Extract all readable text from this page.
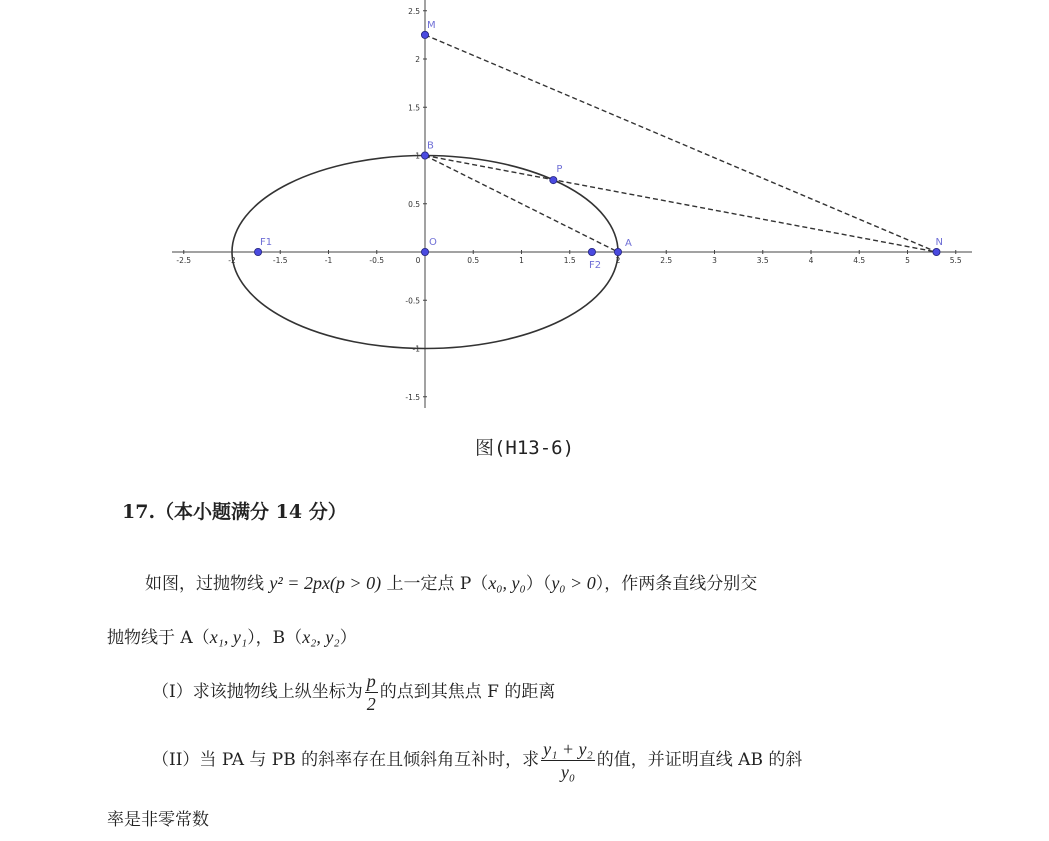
-2.5	-2	-1.5	-1	-0.5	0	0.5	1	1.5	2	2.5	3	3.5	4	4.5	5	5.5
2.5
2
1.5
1
0.5
-0.5
-1
-1.5
M
B
P
F1	O
F2
A	N
图(H13-6)
17.（本小题满分 14 分）
如图，过抛物线 y² = 2px(p > 0) 上一定点 P（x₀, y₀）（y₀ > 0），作两条直线分别交
抛物线于 A（x₁, y₁），B（x₂, y₂）
（I）求该抛物线上纵坐标为 $\frac{p}{2}$ 的点到其焦点 F 的距离
（II）当 PA 与 PB 的斜率存在且倾斜角互补时，求 $\frac{\text{y₁ + y₂}}{\text{y₀}}$ 的值，并证明直线 AB 的斜
率是非零常数
